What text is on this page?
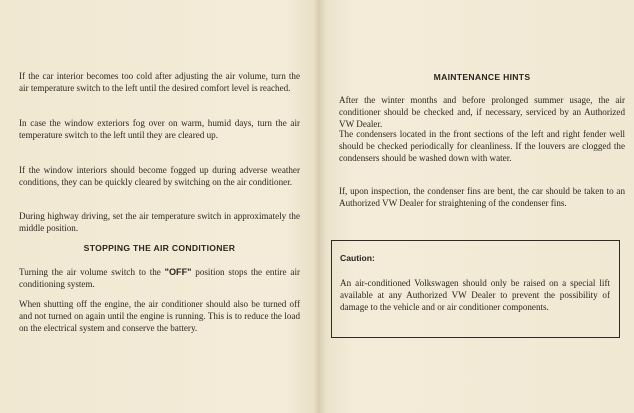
If the car interior becomes too cold after adjusting the air volume, turn the air temperature switch to the left until the desired comfort level is reached.

In case the window exteriors fog over on warm, humid days, turn the air temperature switch to the left until they are cleared up.

If the window interiors should become fogged up during adverse weather conditions, they can be quickly cleared by switching on the air conditioner.

During highway driving, set the air temperature switch in approximately the middle position.

STOPPING THE AIR CONDITIONER

Turning the air volume switch to the "OFF" position stops the entire air conditioning system.

When shutting off the engine, the air conditioner should also be turned off and not turned on again until the engine is running. This is to reduce the load on the electrical system and conserve the battery.

MAINTENANCE HINTS

After the winter months and before prolonged summer usage, the air conditioner should be checked and, if necessary, serviced by an Authorized VW Dealer.

The condensers located in the front sections of the left and right fender well should be checked periodically for cleanliness. If the louvers are clogged the condensers should be washed down with water.

If, upon inspection, the condenser fins are bent, the car should be taken to an Authorized VW Dealer for straightening of the condenser fins.

Caution:

An air-conditioned Volkswagen should only be raised on a special lift available at any Authorized VW Dealer to prevent the possibility of damage to the vehicle and or air conditioner components.
